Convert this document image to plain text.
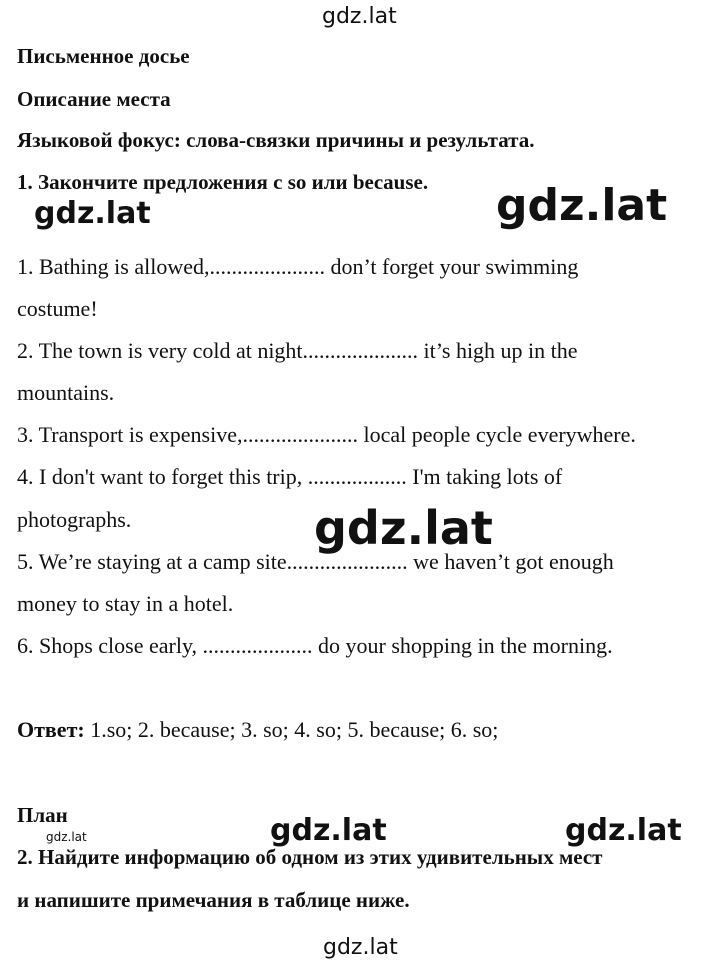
gdz.lat
gdz.lat	gdz.lat
gdz.lat
gdz.lat	gdz.lat
gdz.lat
gdz.lat
Письменное досье
Описание места
Языковой фокус: слова-связки причины и результата.
1. Закончите предложения с so или because.
1. Bathing is allowed,..................... don’t forget your swimming
costume!
2. The town is very cold at night..................... it’s high up in the
mountains.
3. Transport is expensive,..................... local people cycle everywhere.
4. I don't want to forget this trip, .................. I'm taking lots of
photographs.
5. We’re staying at a camp site...................... we haven’t got enough
money to stay in a hotel.
6. Shops close early, .................... do your shopping in the morning.
Ответ: 1.so; 2. because; 3. so; 4. so; 5. because; 6. so;
План
2. Найдите информацию об одном из этих удивительных мест
и напишите примечания в таблице ниже.
